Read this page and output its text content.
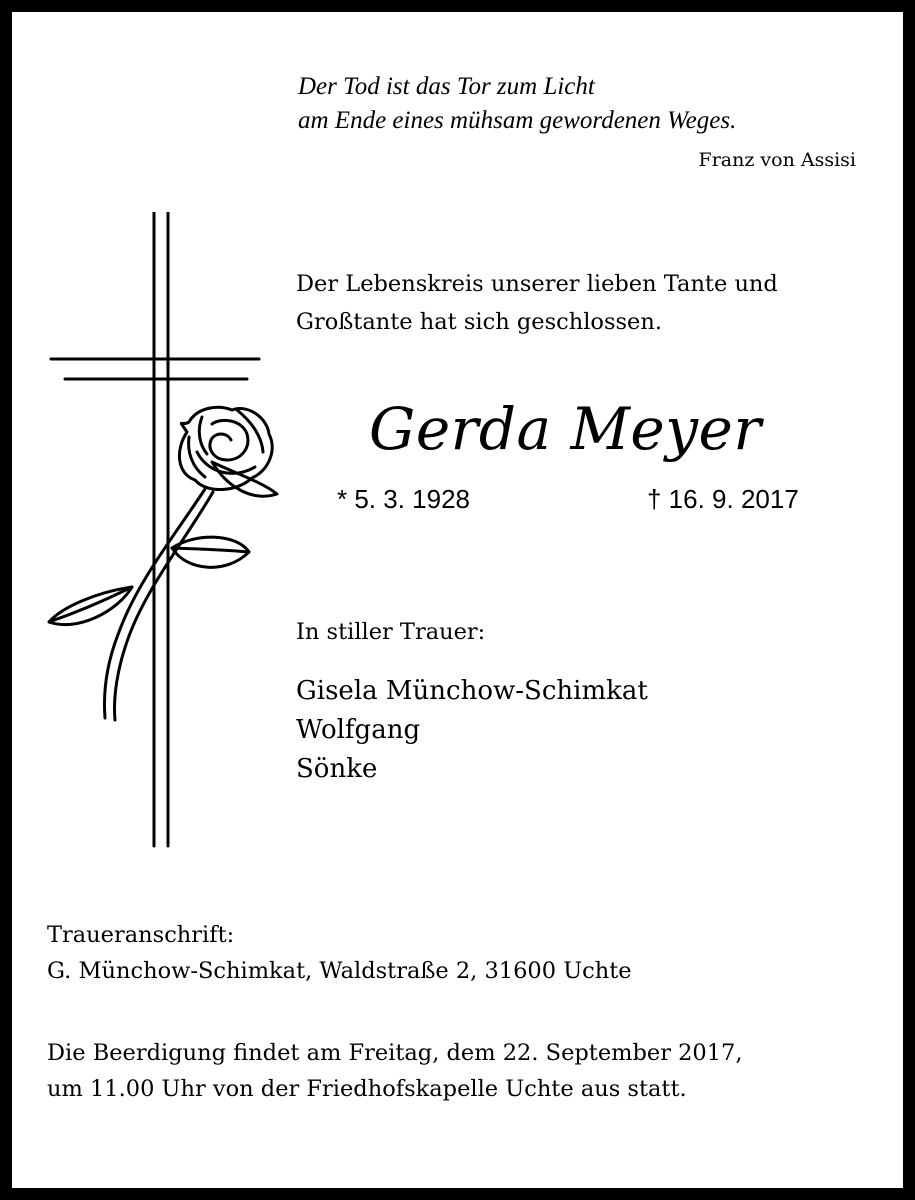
Der Tod ist das Tor zum Licht
am Ende eines mühsam gewordenen Weges.
Franz von Assisi
Der Lebenskreis unserer lieben Tante und
Großtante hat sich geschlossen.
Gerda Meyer
* 5. 3. 1928	† 16. 9. 2017
In stiller Trauer:
Gisela Münchow-Schimkat
Wolfgang
Sönke
Traueranschrift:
G. Münchow-Schimkat, Waldstraße 2, 31600 Uchte
Die Beerdigung findet am Freitag, dem 22. September 2017,
um 11.00 Uhr von der Friedhofskapelle Uchte aus statt.
